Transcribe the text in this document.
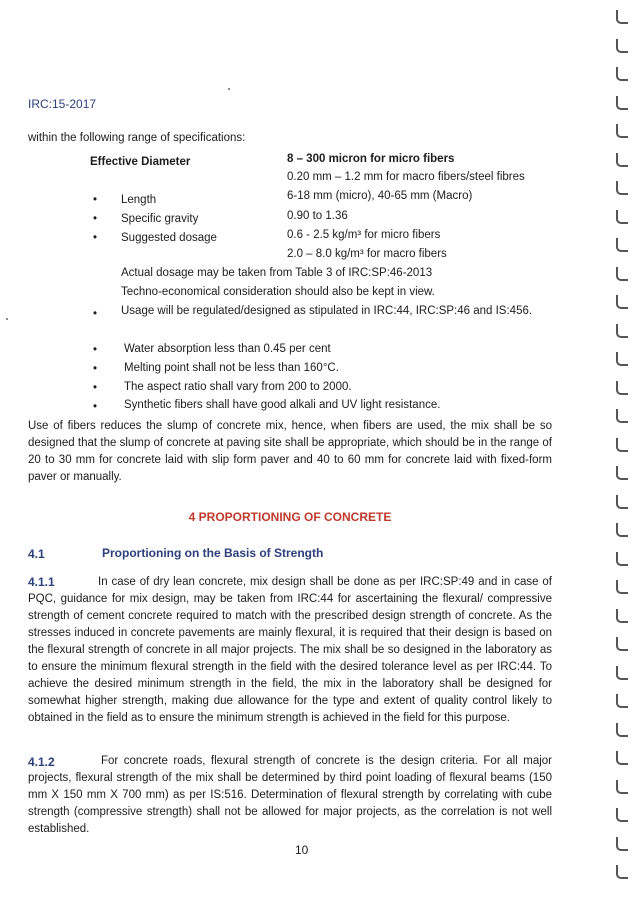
IRC:15-2017
within the following range of specifications:
Effective Diameter	8 – 300 micron for micro fibers
0.20 mm – 1.2 mm for macro fibers/steel fibres
• Length	6-18 mm (micro), 40-65 mm (Macro)
• Specific gravity	0.90 to 1.36
• Suggested dosage	0.6 - 2.5 kg/m³ for micro fibers
2.0 – 8.0 kg/m³ for macro fibers
Actual dosage may be taken from Table 3 of IRC:SP:46-2013
Techno-economical consideration should also be kept in view.
• Usage will be regulated/designed as stipulated in IRC:44, IRC:SP:46 and IS:456.
• Water absorption less than 0.45 per cent
• Melting point shall not be less than 160°C.
• The aspect ratio shall vary from 200 to 2000.
• Synthetic fibers shall have good alkali and UV light resistance.
Use of fibers reduces the slump of concrete mix, hence, when fibers are used, the mix shall be so designed that the slump of concrete at paving site shall be appropriate, which should be in the range of 20 to 30 mm for concrete laid with slip form paver and 40 to 60 mm for concrete laid with fixed-form paver or manually.
4 PROPORTIONING OF CONCRETE
4.1	Proportioning on the Basis of Strength
4.1.1	In case of dry lean concrete, mix design shall be done as per IRC:SP:49 and in case of PQC, guidance for mix design, may be taken from IRC:44 for ascertaining the flexural/ compressive strength of cement concrete required to match with the prescribed design strength of concrete. As the stresses induced in concrete pavements are mainly flexural, it is required that their design is based on the flexural strength of concrete in all major projects. The mix shall be so designed in the laboratory as to ensure the minimum flexural strength in the field with the desired tolerance level as per IRC:44. To achieve the desired minimum strength in the field, the mix in the laboratory shall be designed for somewhat higher strength, making due allowance for the type and extent of quality control likely to obtained in the field as to ensure the minimum strength is achieved in the field for this purpose.
4.1.2	For concrete roads, flexural strength of concrete is the design criteria. For all major projects, flexural strength of the mix shall be determined by third point loading of flexural beams (150 mm X 150 mm X 700 mm) as per IS:516. Determination of flexural strength by correlating with cube strength (compressive strength) shall not be allowed for major projects, as the correlation is not well established.
10
